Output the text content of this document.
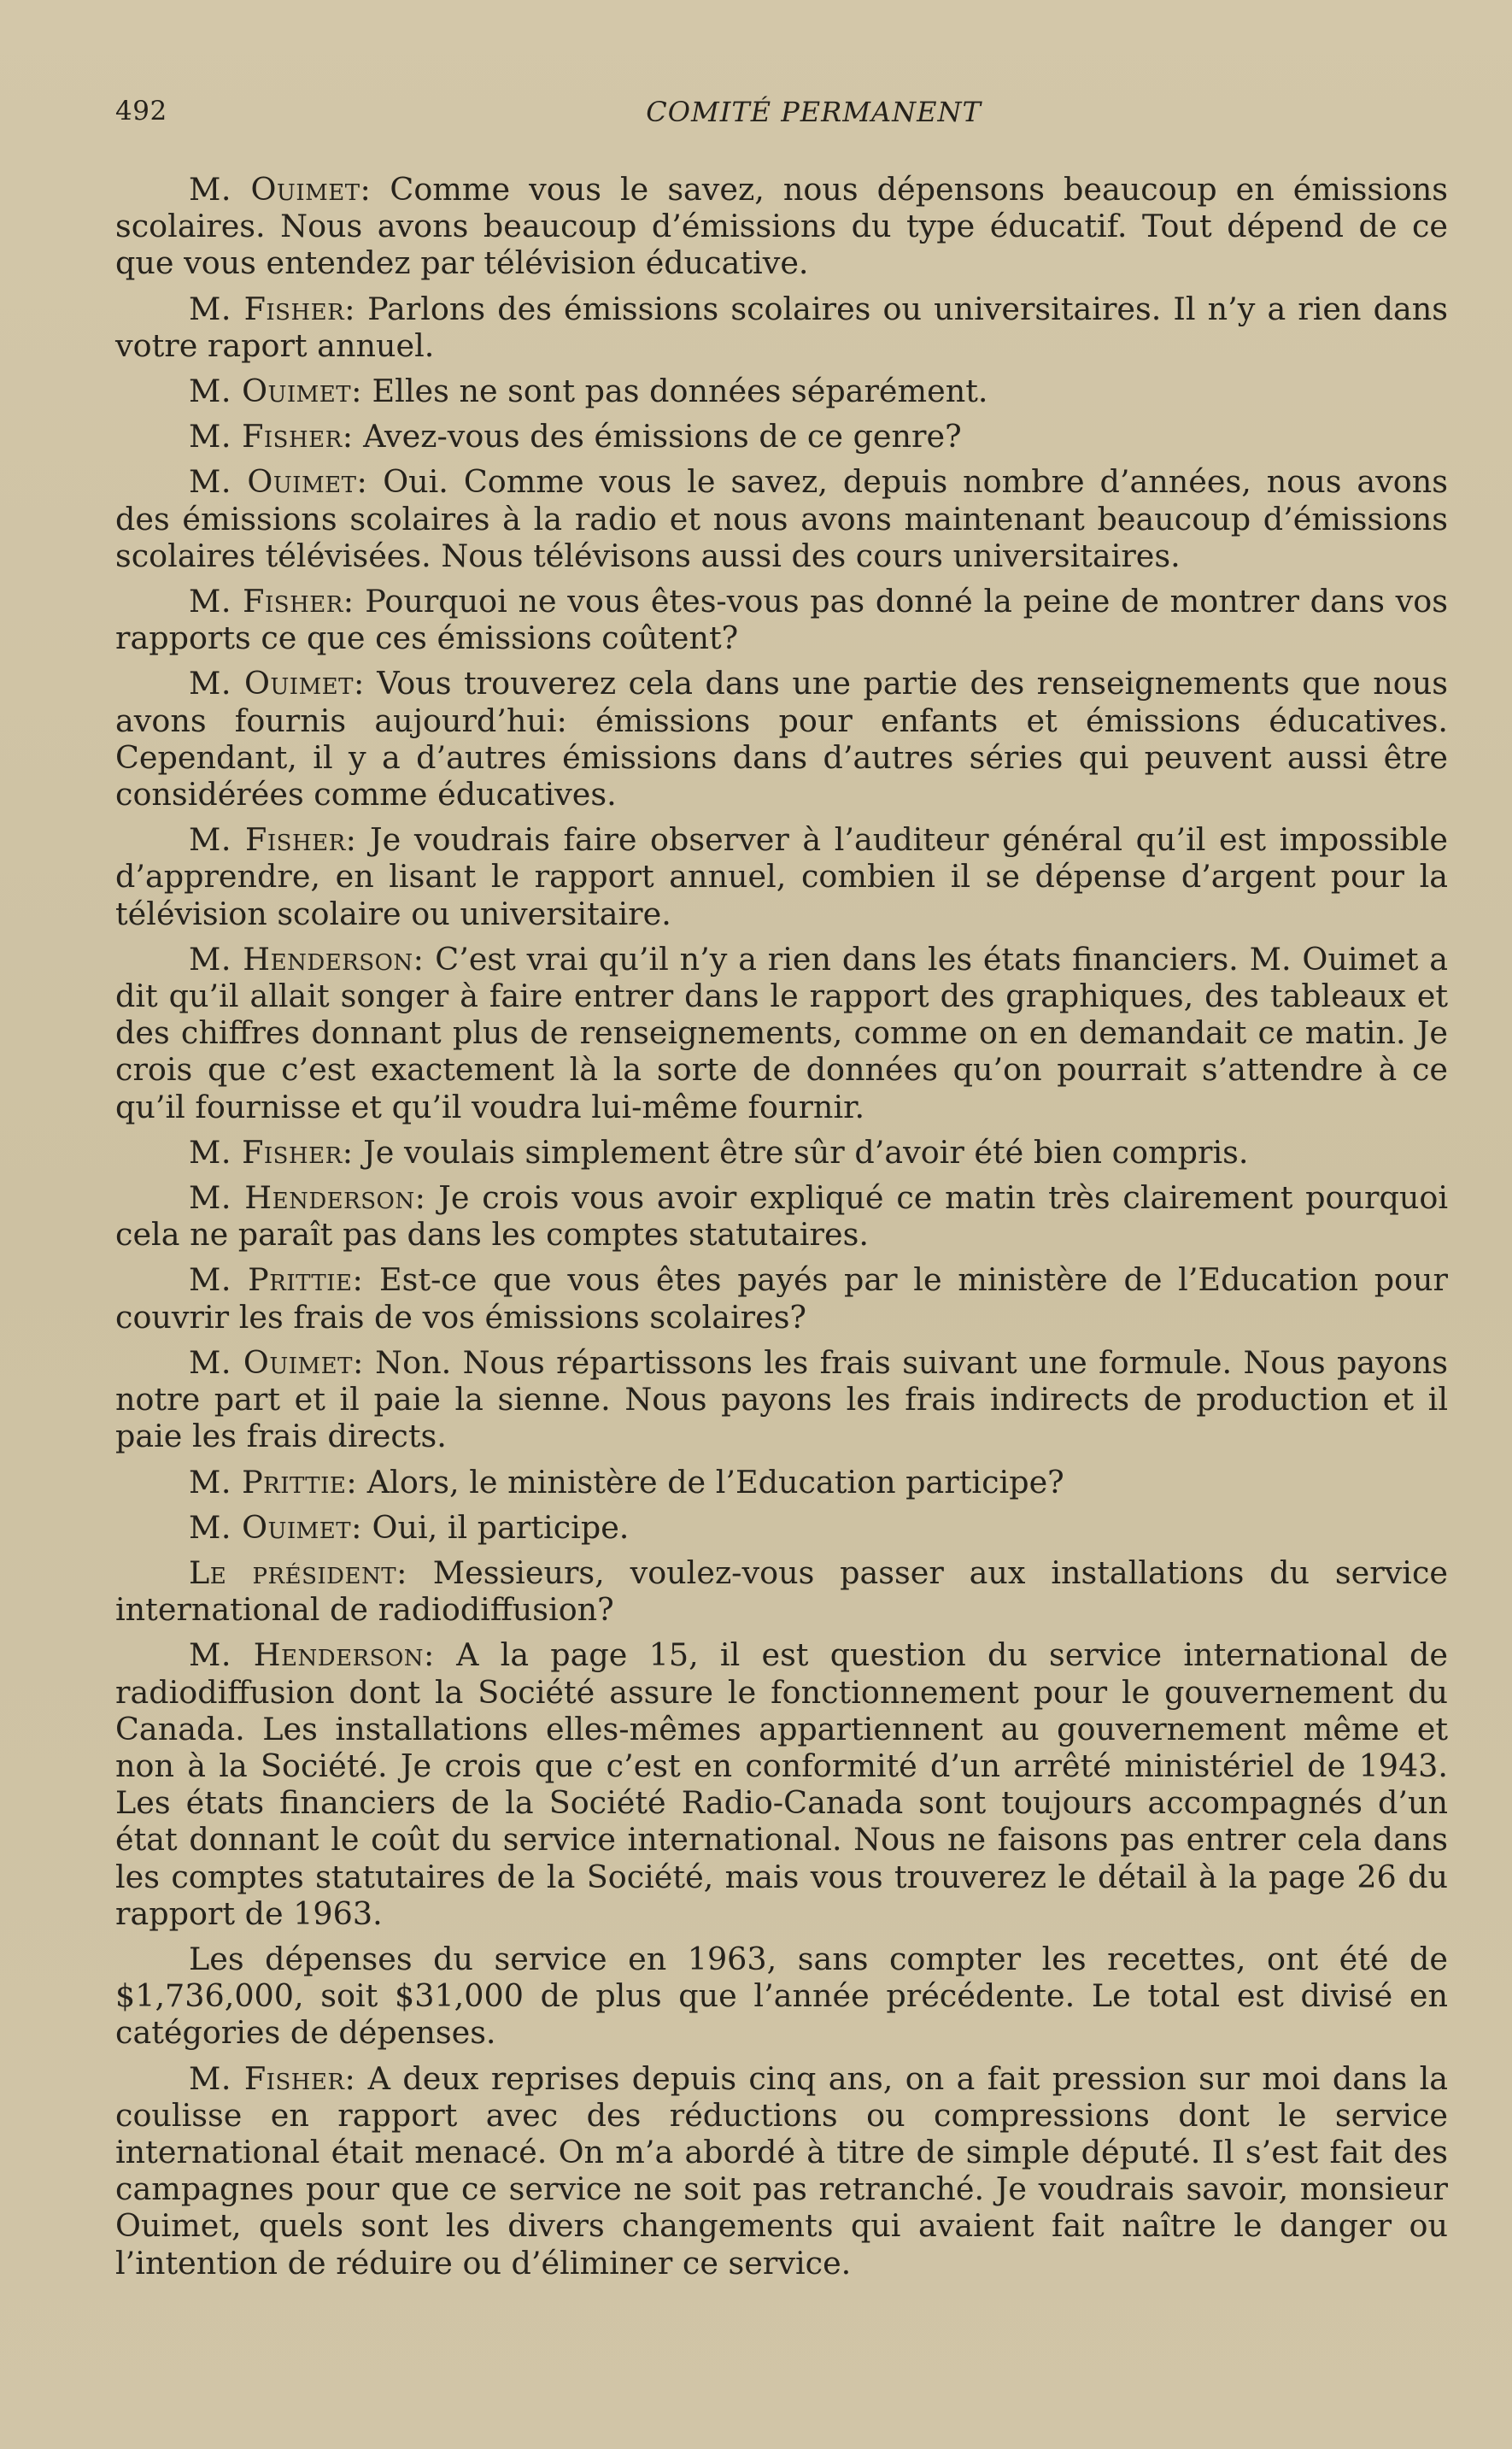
492	COMITÉ PERMANENT

M. Ouimet: Comme vous le savez, nous dépensons beaucoup en émissions scolaires. Nous avons beaucoup d’émissions du type éducatif. Tout dépend de ce que vous entendez par télévision éducative.

M. Fisher: Parlons des émissions scolaires ou universitaires. Il n’y a rien dans votre raport annuel.

M. Ouimet: Elles ne sont pas données séparément.

M. Fisher: Avez-vous des émissions de ce genre?

M. Ouimet: Oui. Comme vous le savez, depuis nombre d’années, nous avons des émissions scolaires à la radio et nous avons maintenant beaucoup d’émissions scolaires télévisées. Nous télévisons aussi des cours universitaires.

M. Fisher: Pourquoi ne vous êtes-vous pas donné la peine de montrer dans vos rapports ce que ces émissions coûtent?

M. Ouimet: Vous trouverez cela dans une partie des renseignements que nous avons fournis aujourd’hui: émissions pour enfants et émissions éducatives. Cependant, il y a d’autres émissions dans d’autres séries qui peuvent aussi être considérées comme éducatives.

M. Fisher: Je voudrais faire observer à l’auditeur général qu’il est impossible d’apprendre, en lisant le rapport annuel, combien il se dépense d’argent pour la télévision scolaire ou universitaire.

M. Henderson: C’est vrai qu’il n’y a rien dans les états financiers. M. Ouimet a dit qu’il allait songer à faire entrer dans le rapport des graphiques, des tableaux et des chiffres donnant plus de renseignements, comme on en demandait ce matin. Je crois que c’est exactement là la sorte de données qu’on pourrait s’attendre à ce qu’il fournisse et qu’il voudra lui-même fournir.

M. Fisher: Je voulais simplement être sûr d’avoir été bien compris.

M. Henderson: Je crois vous avoir expliqué ce matin très clairement pourquoi cela ne paraît pas dans les comptes statutaires.

M. Prittie: Est-ce que vous êtes payés par le ministère de l’Education pour couvrir les frais de vos émissions scolaires?

M. Ouimet: Non. Nous répartissons les frais suivant une formule. Nous payons notre part et il paie la sienne. Nous payons les frais indirects de production et il paie les frais directs.

M. Prittie: Alors, le ministère de l’Education participe?

M. Ouimet: Oui, il participe.

Le président: Messieurs, voulez-vous passer aux installations du service international de radiodiffusion?

M. Henderson: A la page 15, il est question du service international de radiodiffusion dont la Société assure le fonctionnement pour le gouvernement du Canada. Les installations elles-mêmes appartiennent au gouvernement même et non à la Société. Je crois que c’est en conformité d’un arrêté ministériel de 1943. Les états financiers de la Société Radio-Canada sont toujours accompagnés d’un état donnant le coût du service international. Nous ne faisons pas entrer cela dans les comptes statutaires de la Société, mais vous trouverez le détail à la page 26 du rapport de 1963.

Les dépenses du service en 1963, sans compter les recettes, ont été de $1,736,000, soit $31,000 de plus que l’année précédente. Le total est divisé en catégories de dépenses.

M. Fisher: A deux reprises depuis cinq ans, on a fait pression sur moi dans la coulisse en rapport avec des réductions ou compressions dont le service international était menacé. On m’a abordé à titre de simple député. Il s’est fait des campagnes pour que ce service ne soit pas retranché. Je voudrais savoir, monsieur Ouimet, quels sont les divers changements qui avaient fait naître le danger ou l’intention de réduire ou d’éliminer ce service.
